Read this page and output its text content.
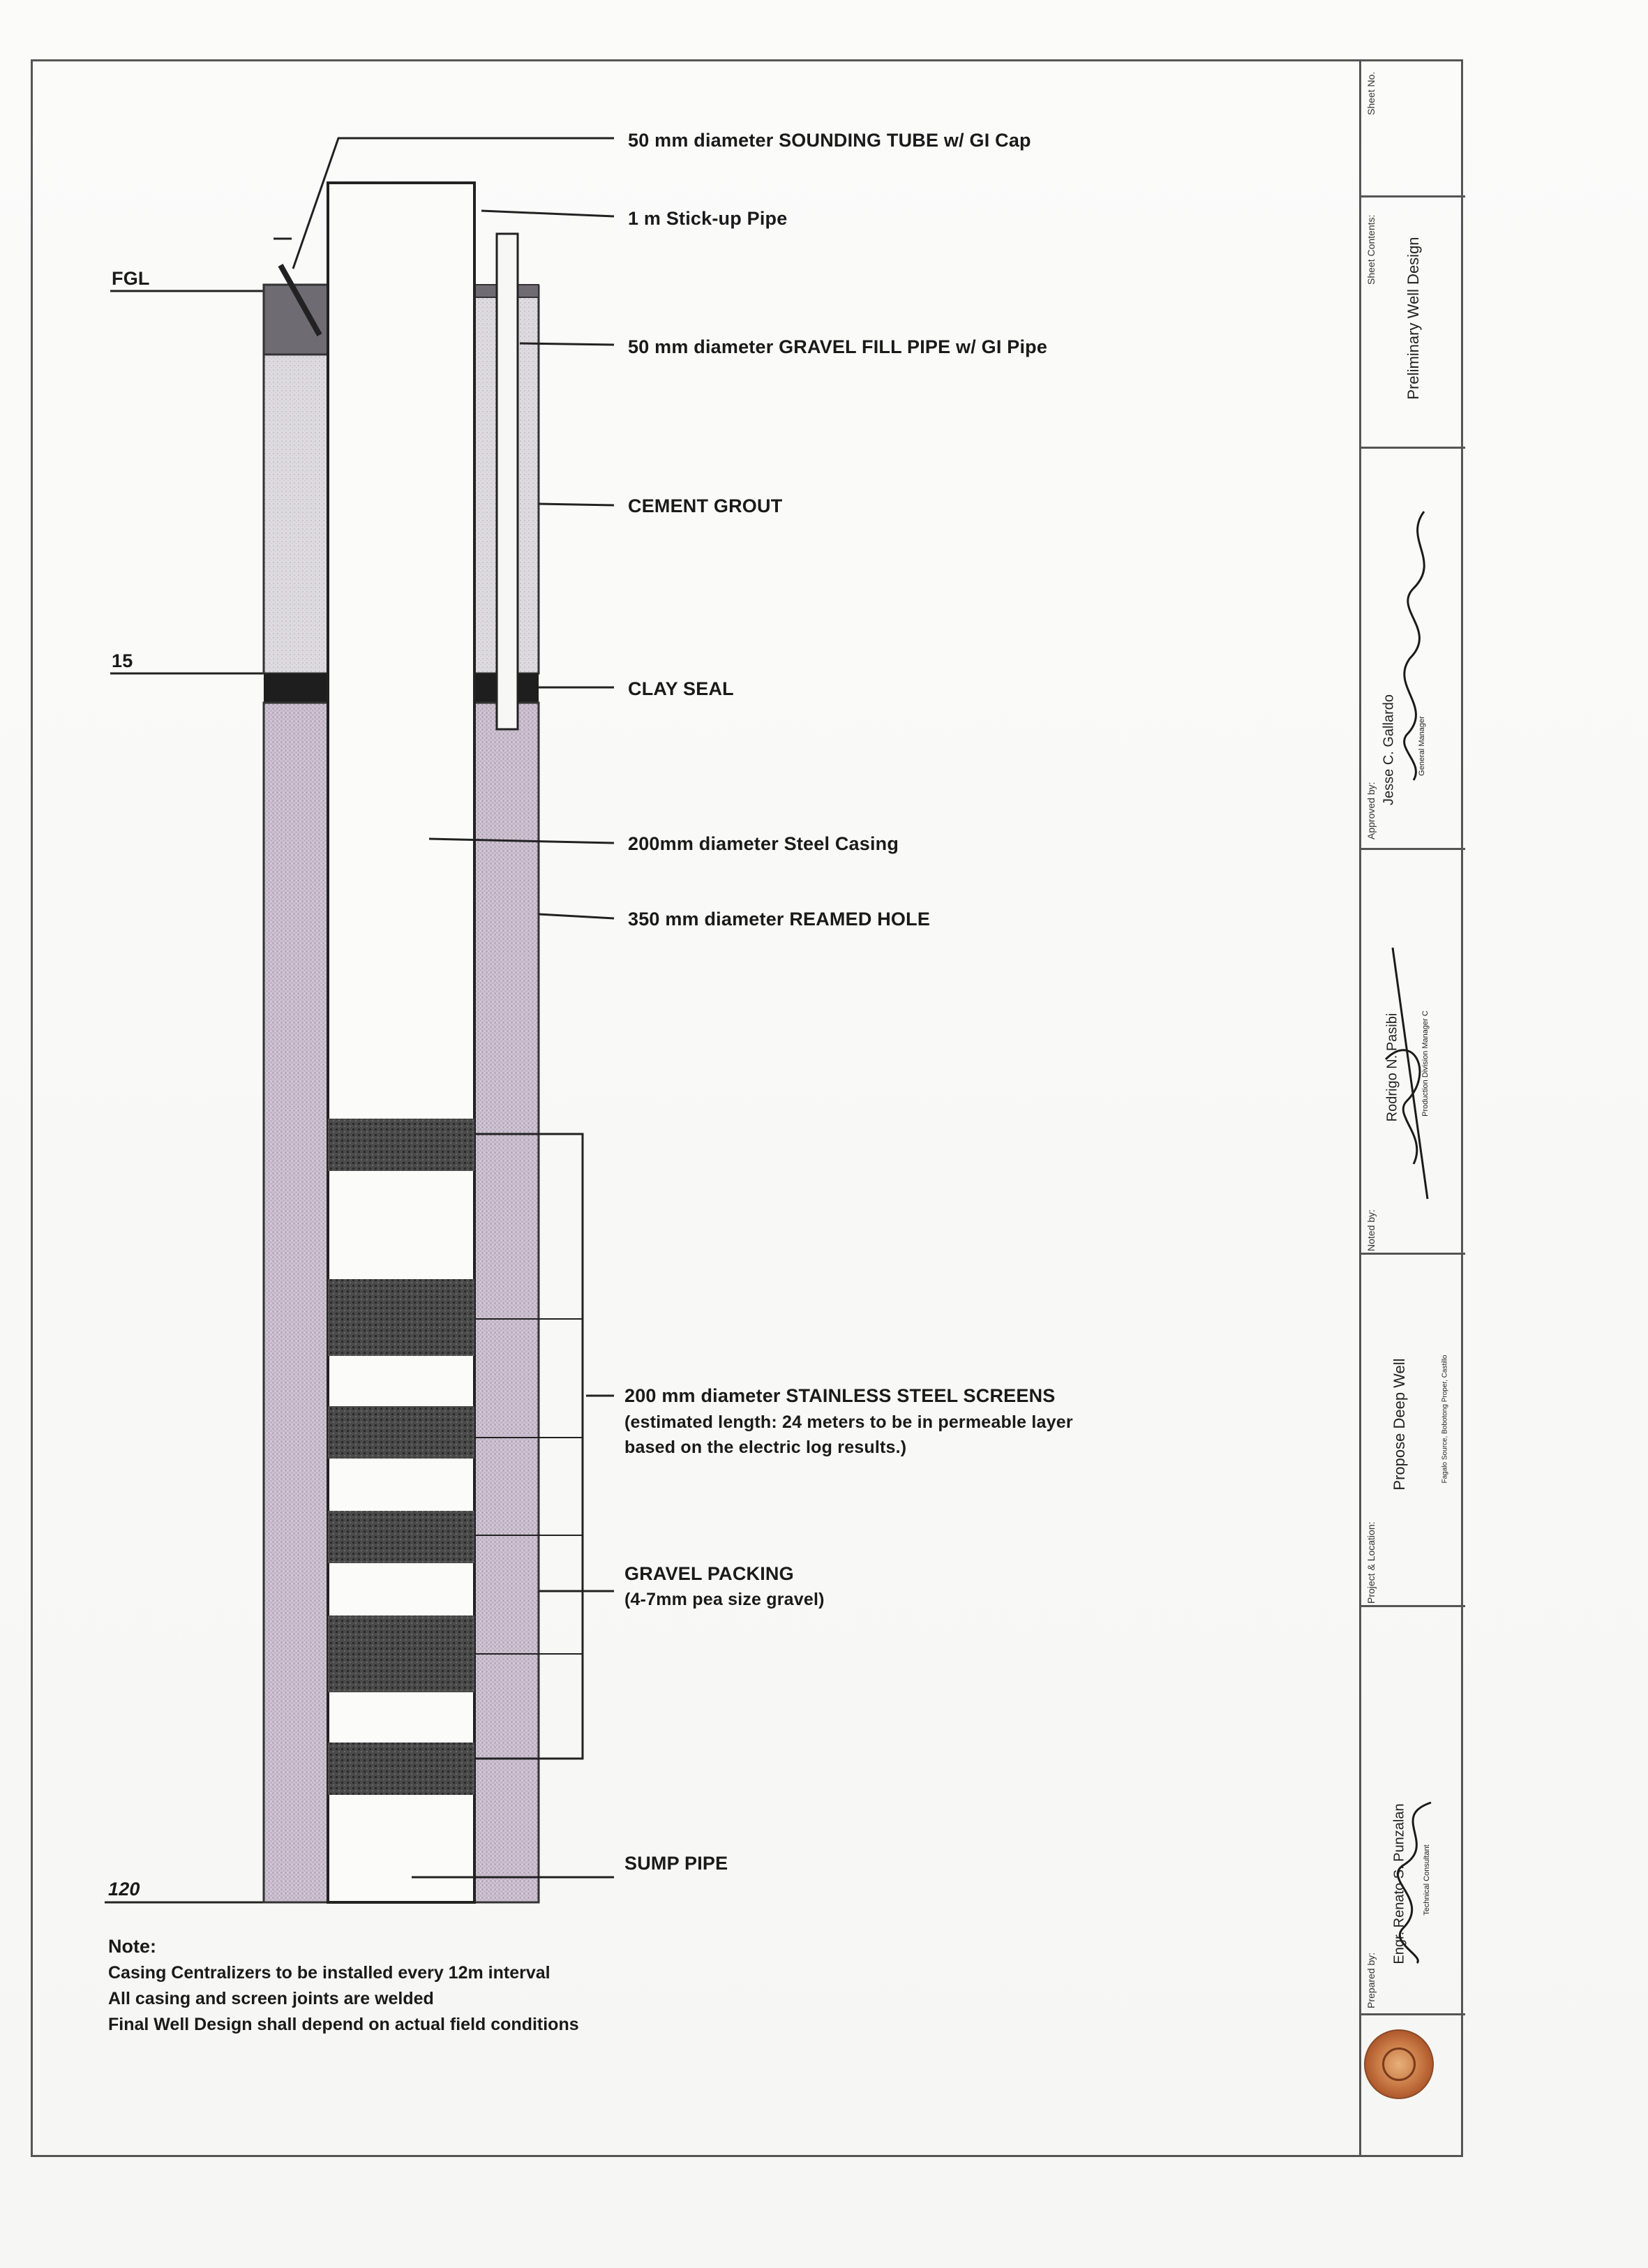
FGL
15
120
50 mm diameter SOUNDING TUBE w/ GI Cap
1 m Stick-up Pipe
50 mm diameter GRAVEL FILL PIPE w/ GI Pipe
CEMENT GROUT
CLAY SEAL
200mm diameter Steel Casing
350 mm diameter REAMED HOLE
200 mm diameter STAINLESS STEEL SCREENS
(estimated length: 24 meters to be in permeable layer
based on the electric log results.)
GRAVEL PACKING
(4-7mm pea size gravel)
SUMP PIPE
Note:
Casing Centralizers to be installed every 12m interval
All casing and screen joints are welded
Final Well Design shall depend on actual field conditions
Sheet No.
Sheet Contents: Preliminary Well Design
Approved by:
Jesse C. Gallardo	General Manager
Noted by:
Rodrigo N. Pasibi	Production Division Manager C
Project & Location:
Propose Deep Well	Fagalo Source, Bobotong Proper, Castillo
Prepared by:
Engr. Renato S. Punzalan Technical Consultant
